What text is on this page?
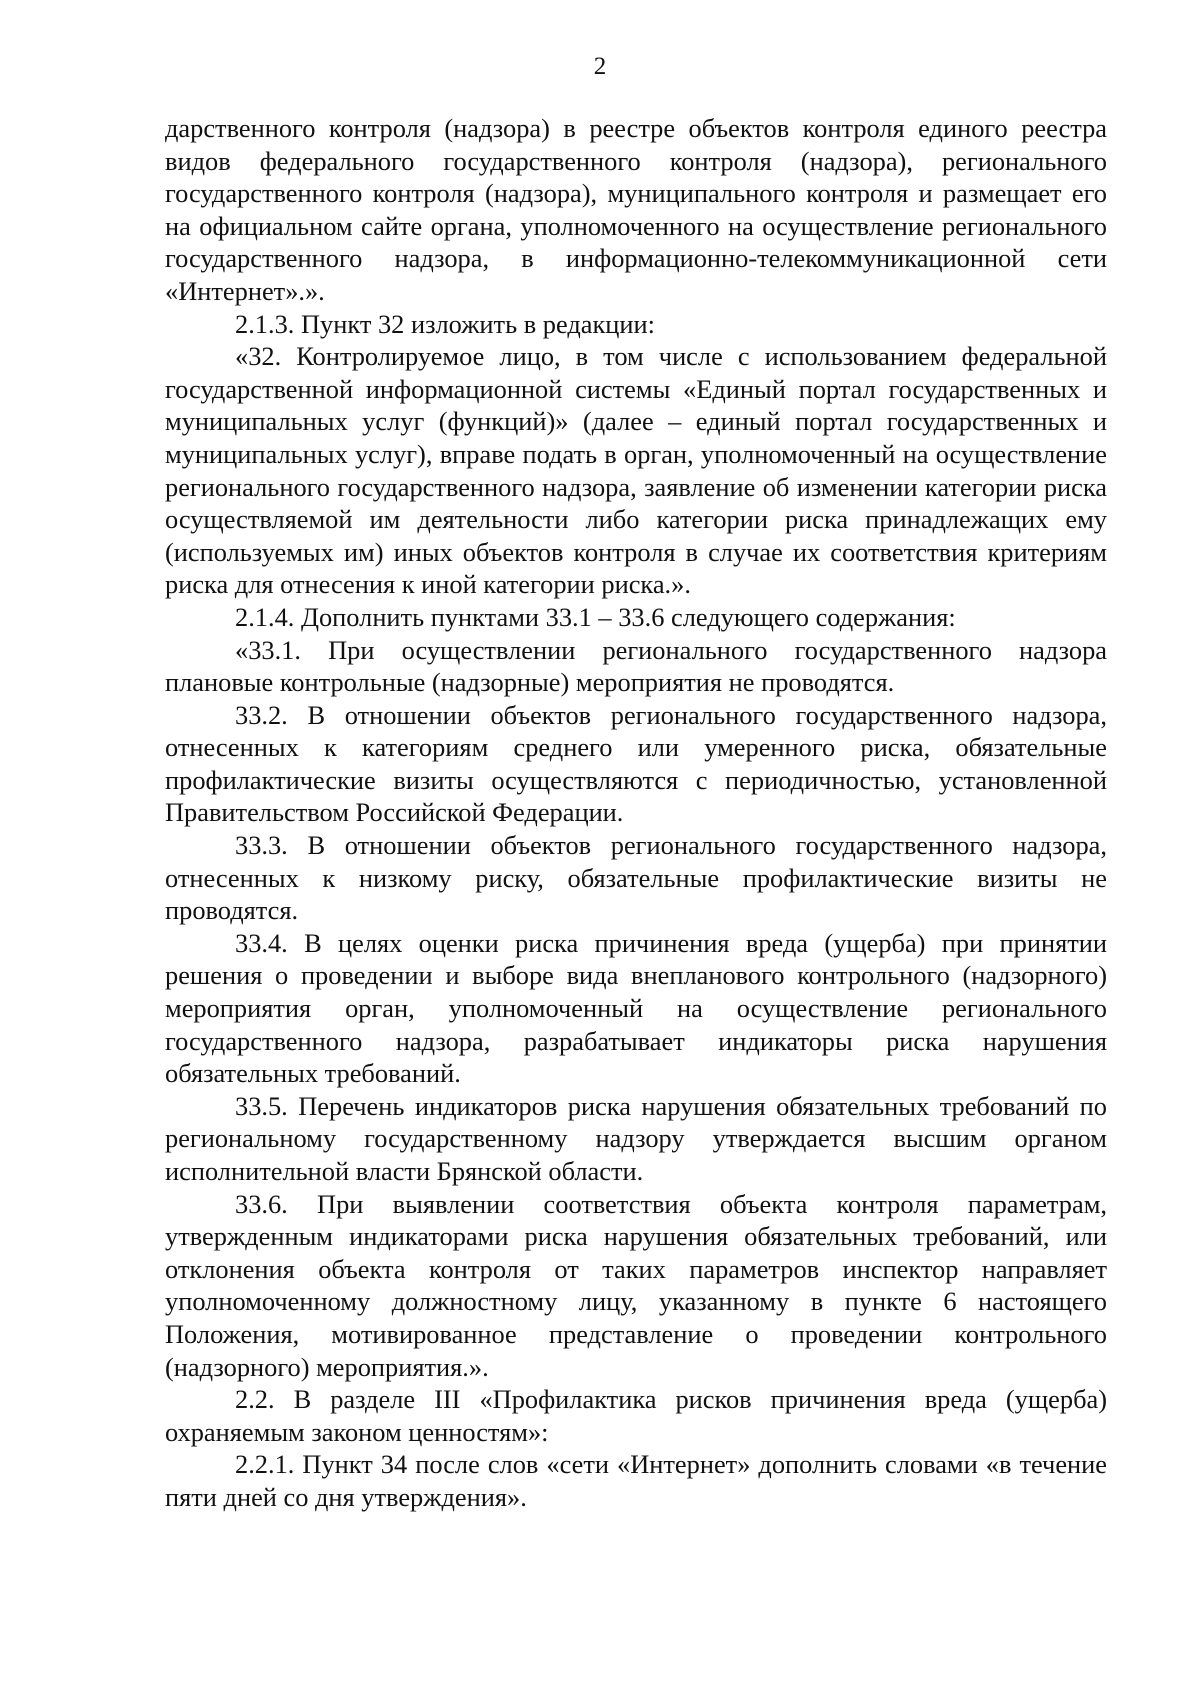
2

дарственного контроля (надзора) в реестре объектов контроля единого реестра видов федерального государственного контроля (надзора), регионального государственного контроля (надзора), муниципального контроля и размещает его на официальном сайте органа, уполномоченного на осуществление регионального государственного надзора, в информационно-телекоммуникационной сети «Интернет».».

2.1.3. Пункт 32 изложить в редакции:

«32. Контролируемое лицо, в том числе с использованием федеральной государственной информационной системы «Единый портал государственных и муниципальных услуг (функций)» (далее – единый портал государственных и муниципальных услуг), вправе подать в орган, уполномоченный на осуществление регионального государственного надзора, заявление об изменении категории риска осуществляемой им деятельности либо категории риска принадлежащих ему (используемых им) иных объектов контроля в случае их соответствия критериям риска для отнесения к иной категории риска.».

2.1.4. Дополнить пунктами 33.1 – 33.6 следующего содержания:

«33.1. При осуществлении регионального государственного надзора плановые контрольные (надзорные) мероприятия не проводятся.

33.2. В отношении объектов регионального государственного надзора, отнесенных к категориям среднего или умеренного риска, обязательные профилактические визиты осуществляются с периодичностью, установленной Правительством Российской Федерации.

33.3. В отношении объектов регионального государственного надзора, отнесенных к низкому риску, обязательные профилактические визиты не проводятся.

33.4. В целях оценки риска причинения вреда (ущерба) при принятии решения о проведении и выборе вида внепланового контрольного (надзорного) мероприятия орган, уполномоченный на осуществление регионального государственного надзора, разрабатывает индикаторы риска нарушения обязательных требований.

33.5. Перечень индикаторов риска нарушения обязательных требований по региональному государственному надзору утверждается высшим органом исполнительной власти Брянской области.

33.6. При выявлении соответствия объекта контроля параметрам, утвержденным индикаторами риска нарушения обязательных требований, или отклонения объекта контроля от таких параметров инспектор направляет уполномоченному должностному лицу, указанному в пункте 6 настоящего Положения, мотивированное представление о проведении контрольного (надзорного) мероприятия.».

2.2. В разделе III «Профилактика рисков причинения вреда (ущерба) охраняемым законом ценностям»:

2.2.1. Пункт 34 после слов «сети «Интернет» дополнить словами «в течение пяти дней со дня утверждения».
